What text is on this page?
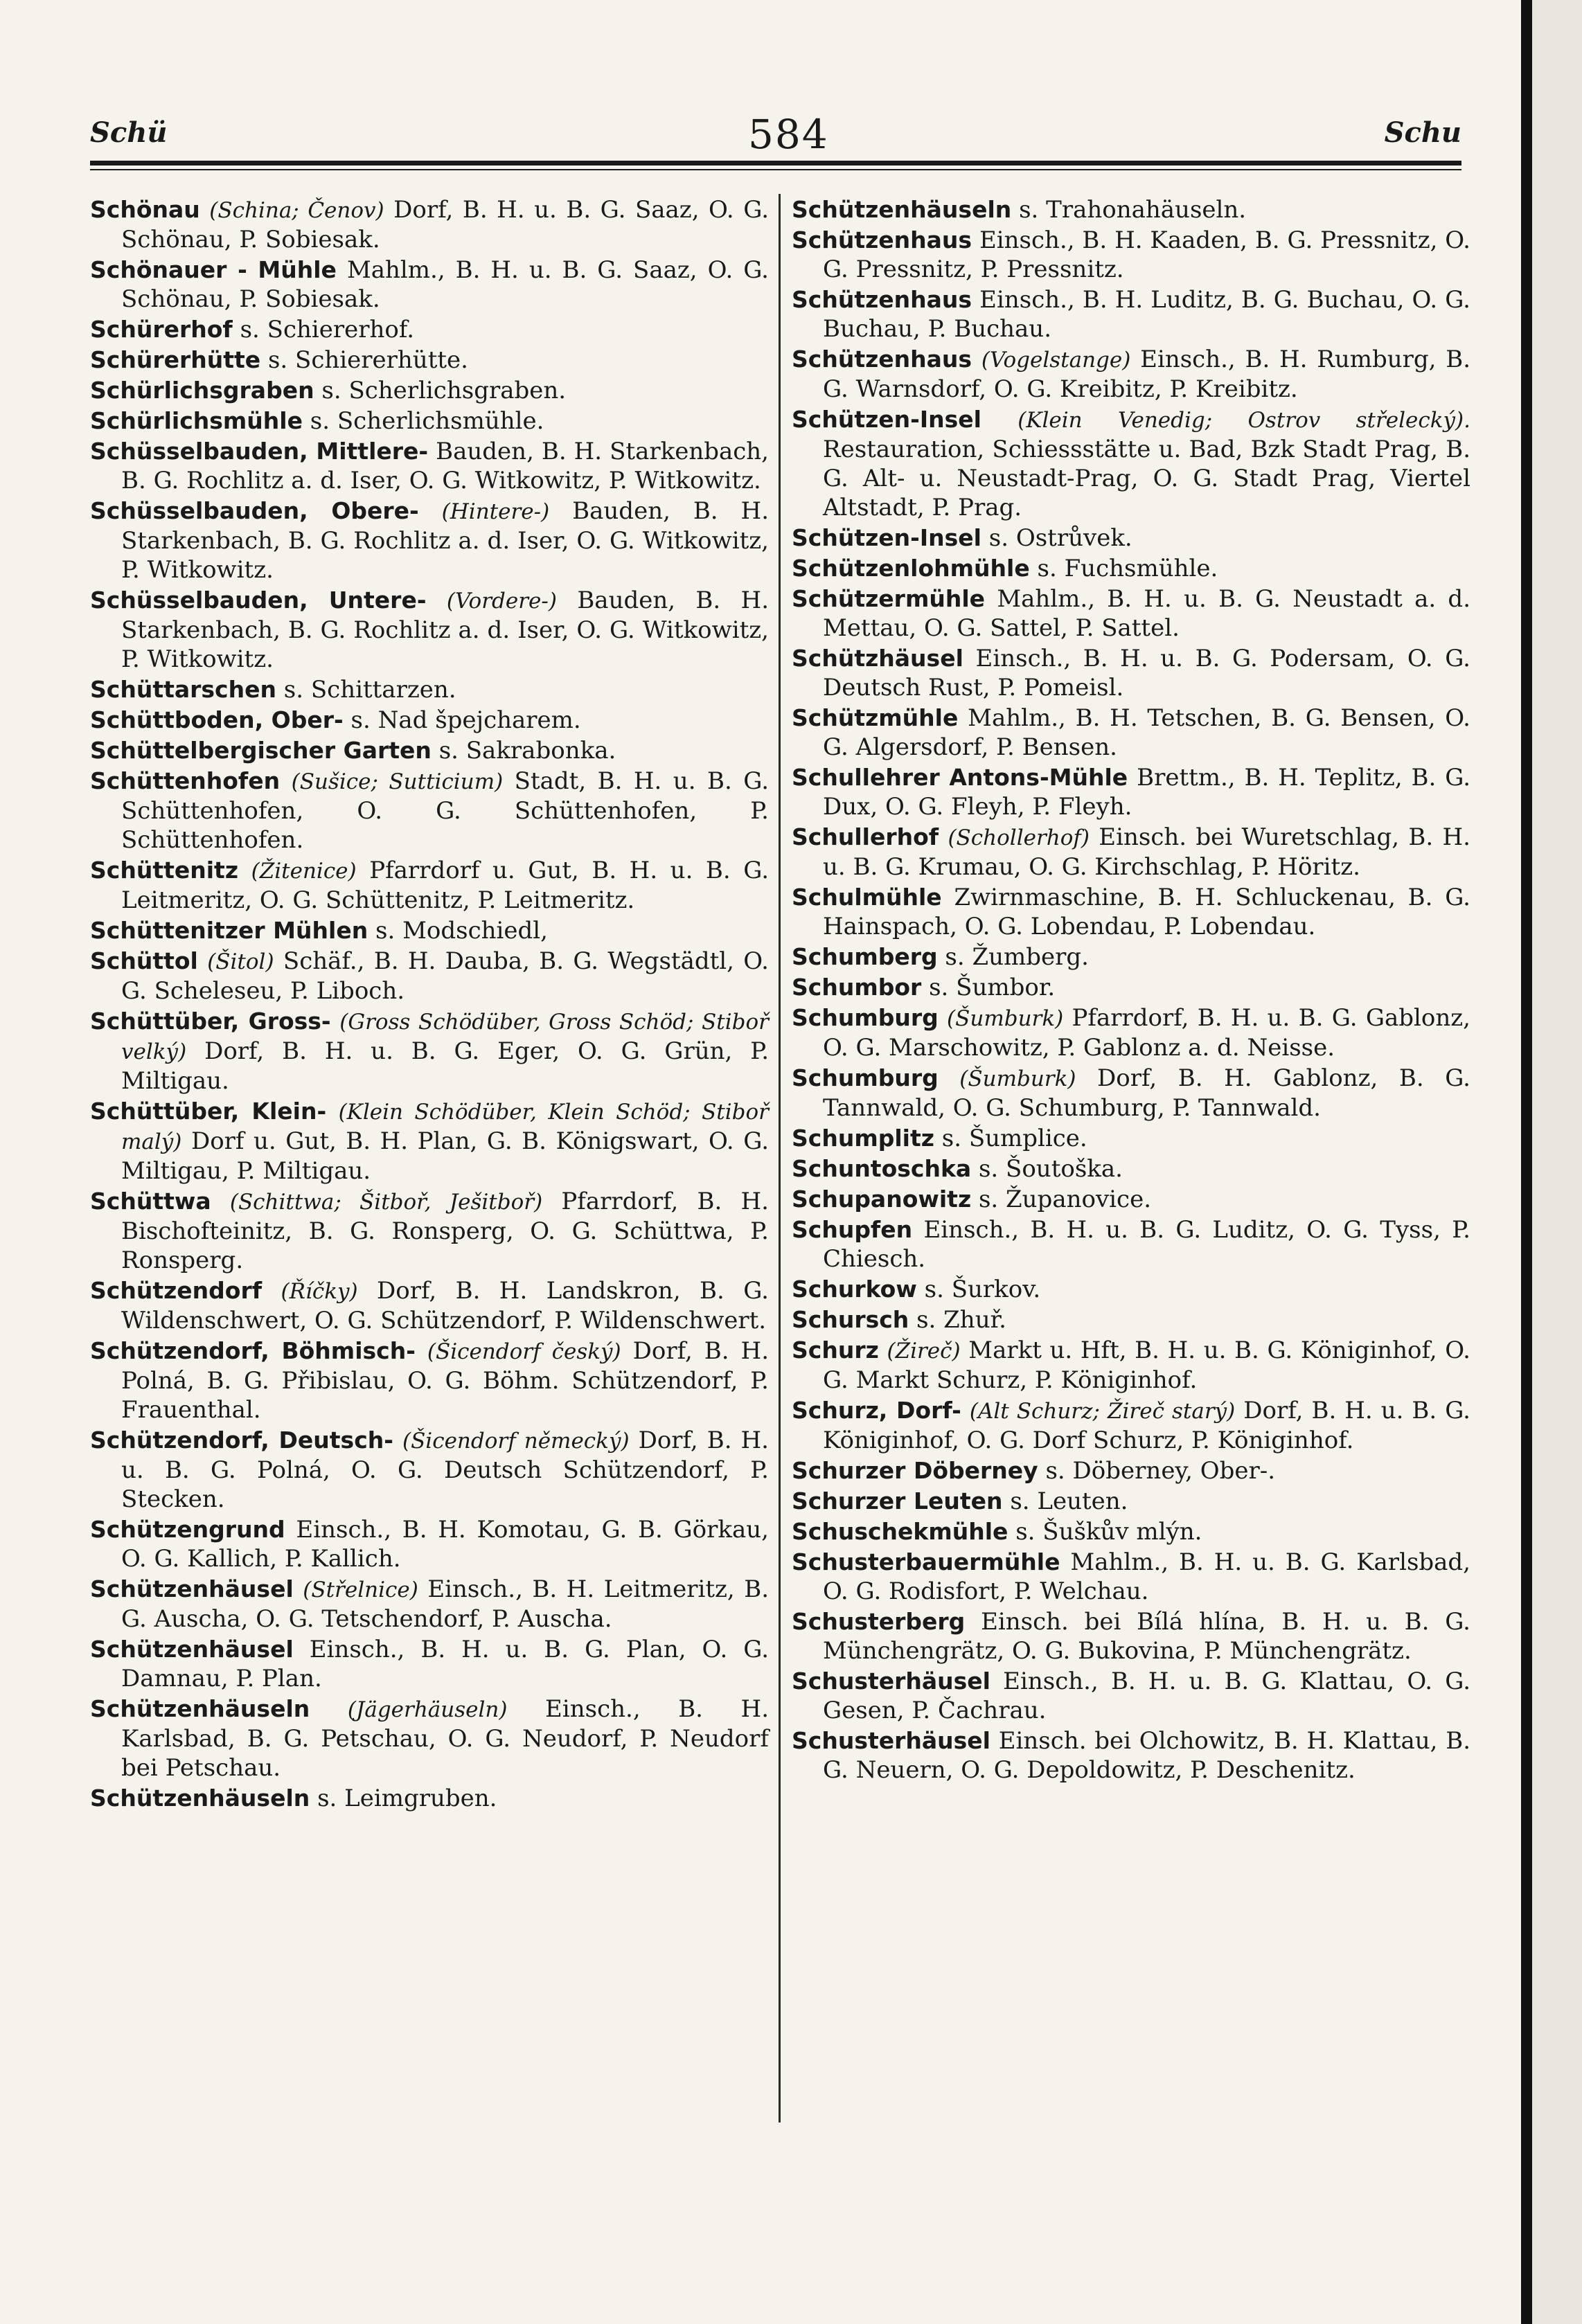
Schü	584	Schu
Schönau (Schina; Čenov) Dorf, B. H. u. B. G. Saaz, O. G. Schönau, P. Sobiesak.
Schönauer - Mühle Mahlm., B. H. u. B. G. Saaz, O. G. Schönau, P. Sobiesak.
Schürerhof s. Schiererhof.
Schürerhütte s. Schiererhütte.
Schürlichsgraben s. Scherlichsgraben.
Schürlichsmühle s. Scherlichsmühle.
Schüsselbauden, Mittlere- Bauden, B. H. Starkenbach, B. G. Rochlitz a. d. Iser, O. G. Witkowitz, P. Witkowitz.
Schüsselbauden, Obere- (Hintere-) Bauden, B. H. Starkenbach, B. G. Rochlitz a. d. Iser, O. G. Witkowitz, P. Witkowitz.
Schüsselbauden, Untere- (Vordere-) Bauden, B. H. Starkenbach, B. G. Rochlitz a. d. Iser, O. G. Witkowitz, P. Witkowitz.
Schüttarschen s. Schittarzen.
Schüttboden, Ober- s. Nad špejcharem.
Schüttelbergischer Garten s. Sakrabonka.
Schüttenhofen (Sušice; Sutticium) Stadt, B. H. u. B. G. Schüttenhofen, O. G. Schüttenhofen, P. Schüttenhofen.
Schüttenitz (Žitenice) Pfarrdorf u. Gut, B. H. u. B. G. Leitmeritz, O. G. Schüttenitz, P. Leitmeritz.
Schüttenitzer Mühlen s. Modschiedl,
Schüttol (Šitol) Schäf., B. H. Dauba, B. G. Wegstädtl, O. G. Scheleseu, P. Liboch.
Schüttüber, Gross- (Gross Schödüber, Gross Schöd; Stiboř velký) Dorf, B. H. u. B. G. Eger, O. G. Grün, P. Miltigau.
Schüttüber, Klein- (Klein Schödüber, Klein Schöd; Stiboř malý) Dorf u. Gut, B. H. Plan, G. B. Königswart, O. G. Miltigau, P. Miltigau.
Schüttwa (Schittwa; Šitboř, Ješitboř) Pfarrdorf, B. H. Bischofteinitz, B. G. Ronsperg, O. G. Schüttwa, P. Ronsperg.
Schützendorf (Říčky) Dorf, B. H. Landskron, B. G. Wildenschwert, O. G. Schützendorf, P. Wildenschwert.
Schützendorf, Böhmisch- (Šicendorf český) Dorf, B. H. Polná, B. G. Přibislau, O. G. Böhm. Schützendorf, P. Frauenthal.
Schützendorf, Deutsch- (Šicendorf německý) Dorf, B. H. u. B. G. Polná, O. G. Deutsch Schützendorf, P. Stecken.
Schützengrund Einsch., B. H. Komotau, G. B. Görkau, O. G. Kallich, P. Kallich.
Schützenhäusel (Střelnice) Einsch., B. H. Leitmeritz, B. G. Auscha, O. G. Tetschendorf, P. Auscha.
Schützenhäusel Einsch., B. H. u. B. G. Plan, O. G. Damnau, P. Plan.
Schützenhäuseln (Jägerhäuseln) Einsch., B. H. Karlsbad, B. G. Petschau, O. G. Neudorf, P. Neudorf bei Petschau.
Schützenhäuseln s. Leimgruben.
Schützenhäuseln s. Trahonahäuseln.
Schützenhaus Einsch., B. H. Kaaden, B. G. Pressnitz, O. G. Pressnitz, P. Pressnitz.
Schützenhaus Einsch., B. H. Luditz, B. G. Buchau, O. G. Buchau, P. Buchau.
Schützenhaus (Vogelstange) Einsch., B. H. Rumburg, B. G. Warnsdorf, O. G. Kreibitz, P. Kreibitz.
Schützen-Insel (Klein Venedig; Ostrov střelecký). Restauration, Schiessstätte u. Bad, Bzk Stadt Prag, B. G. Alt- u. Neustadt-Prag, O. G. Stadt Prag, Viertel Altstadt, P. Prag.
Schützen-Insel s. Ostrůvek.
Schützenlohmühle s. Fuchsmühle.
Schützermühle Mahlm., B. H. u. B. G. Neustadt a. d. Mettau, O. G. Sattel, P. Sattel.
Schützhäusel Einsch., B. H. u. B. G. Podersam, O. G. Deutsch Rust, P. Pomeisl.
Schützmühle Mahlm., B. H. Tetschen, B. G. Bensen, O. G. Algersdorf, P. Bensen.
Schullehrer Antons-Mühle Brettm., B. H. Teplitz, B. G. Dux, O. G. Fleyh, P. Fleyh.
Schullerhof (Schollerhof) Einsch. bei Wuretschlag, B. H. u. B. G. Krumau, O. G. Kirchschlag, P. Höritz.
Schulmühle Zwirnmaschine, B. H. Schluckenau, B. G. Hainspach, O. G. Lobendau, P. Lobendau.
Schumberg s. Žumberg.
Schumbor s. Šumbor.
Schumburg (Šumburk) Pfarrdorf, B. H. u. B. G. Gablonz, O. G. Marschowitz, P. Gablonz a. d. Neisse.
Schumburg (Šumburk) Dorf, B. H. Gablonz, B. G. Tannwald, O. G. Schumburg, P. Tannwald.
Schumplitz s. Šumplice.
Schuntoschka s. Šoutoška.
Schupanowitz s. Županovice.
Schupfen Einsch., B. H. u. B. G. Luditz, O. G. Tyss, P. Chiesch.
Schurkow s. Šurkov.
Schursch s. Zhuř.
Schurz (Žireč) Markt u. Hft, B. H. u. B. G. Königinhof, O. G. Markt Schurz, P. Königinhof.
Schurz, Dorf- (Alt Schurz; Žireč starý) Dorf, B. H. u. B. G. Königinhof, O. G. Dorf Schurz, P. Königinhof.
Schurzer Döberney s. Döberney, Ober-.
Schurzer Leuten s. Leuten.
Schuschekmühle s. Šuškův mlýn.
Schusterbauermühle Mahlm., B. H. u. B. G. Karlsbad, O. G. Rodisfort, P. Welchau.
Schusterberg Einsch. bei Bílá hlína, B. H. u. B. G. Münchengrätz, O. G. Bukovina, P. Münchengrätz.
Schusterhäusel Einsch., B. H. u. B. G. Klattau, O. G. Gesen, P. Čachrau.
Schusterhäusel Einsch. bei Olchowitz, B. H. Klattau, B. G. Neuern, O. G. Depoldowitz, P. Deschenitz.
